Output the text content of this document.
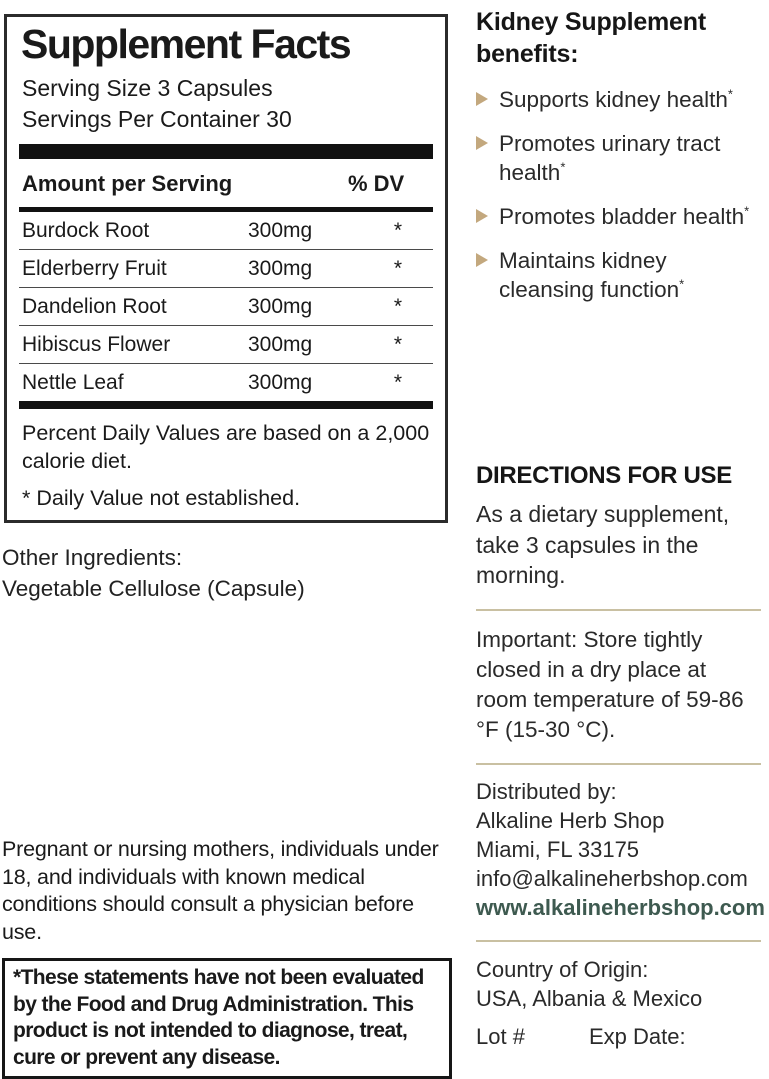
Supplement Facts
Serving Size 3 Capsules
Servings Per Container 30
Amount per Serving	% DV
Burdock Root	300mg	*
Elderberry Fruit	300mg	*
Dandelion Root	300mg	*
Hibiscus Flower	300mg	*
Nettle Leaf	300mg	*
Percent Daily Values are based on a 2,000 calorie diet.
* Daily Value not established.
Other Ingredients:
Vegetable Cellulose (Capsule)
Pregnant or nursing mothers, individuals under 18, and individuals with known medical conditions should consult a physician before use.
*These statements have not been evaluated by the Food and Drug Administration. This product is not intended to diagnose, treat, cure or prevent any disease.
Kidney Supplement benefits:
Supports kidney health*
Promotes urinary tract health*
Promotes bladder health*
Maintains kidney cleansing function*
DIRECTIONS FOR USE
As a dietary supplement, take 3 capsules in the morning.
Important: Store tightly closed in a dry place at room temperature of 59-86 °F (15-30 °C).
Distributed by:
Alkaline Herb Shop
Miami, FL 33175
info@alkalineherbshop.com
www.alkalineherbshop.com
Country of Origin:
USA, Albania & Mexico
Lot #	Exp Date:
